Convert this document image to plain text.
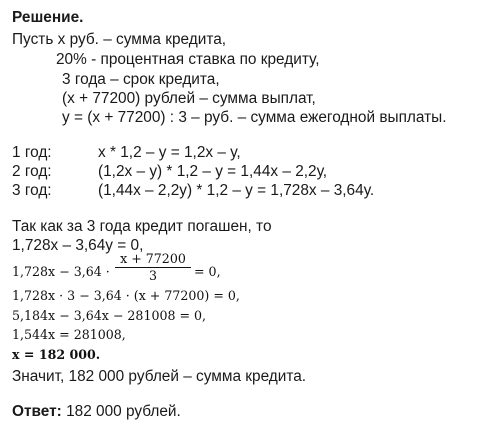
Решение.
Пусть х руб. – сумма кредита,
20% - процентная ставка по кредиту,
3 года – срок кредита,
(х + 77200) рублей – сумма выплат,
у = (х + 77200) : 3 – руб. – сумма ежегодной выплаты.
1 год:	х * 1,2 – у = 1,2х – у,
2 год:	(1,2х – у) * 1,2 – у = 1,44х – 2,2у,
3 год:	(1,44х – 2,2у) * 1,2 – у = 1,728х – 3,64у.
Так как за 3 года кредит погашен, то
1,728х – 3,64у = 0,
1,728x − 3,64 ·
x + 77200
3	= 0,
1,728x · 3 − 3,64 · (x + 77200) = 0,
5,184x − 3,64x − 281008 = 0,
1,544x = 281008,
x = 182 000.
Значит, 182 000 рублей – сумма кредита.
Ответ: 182 000 рублей.
